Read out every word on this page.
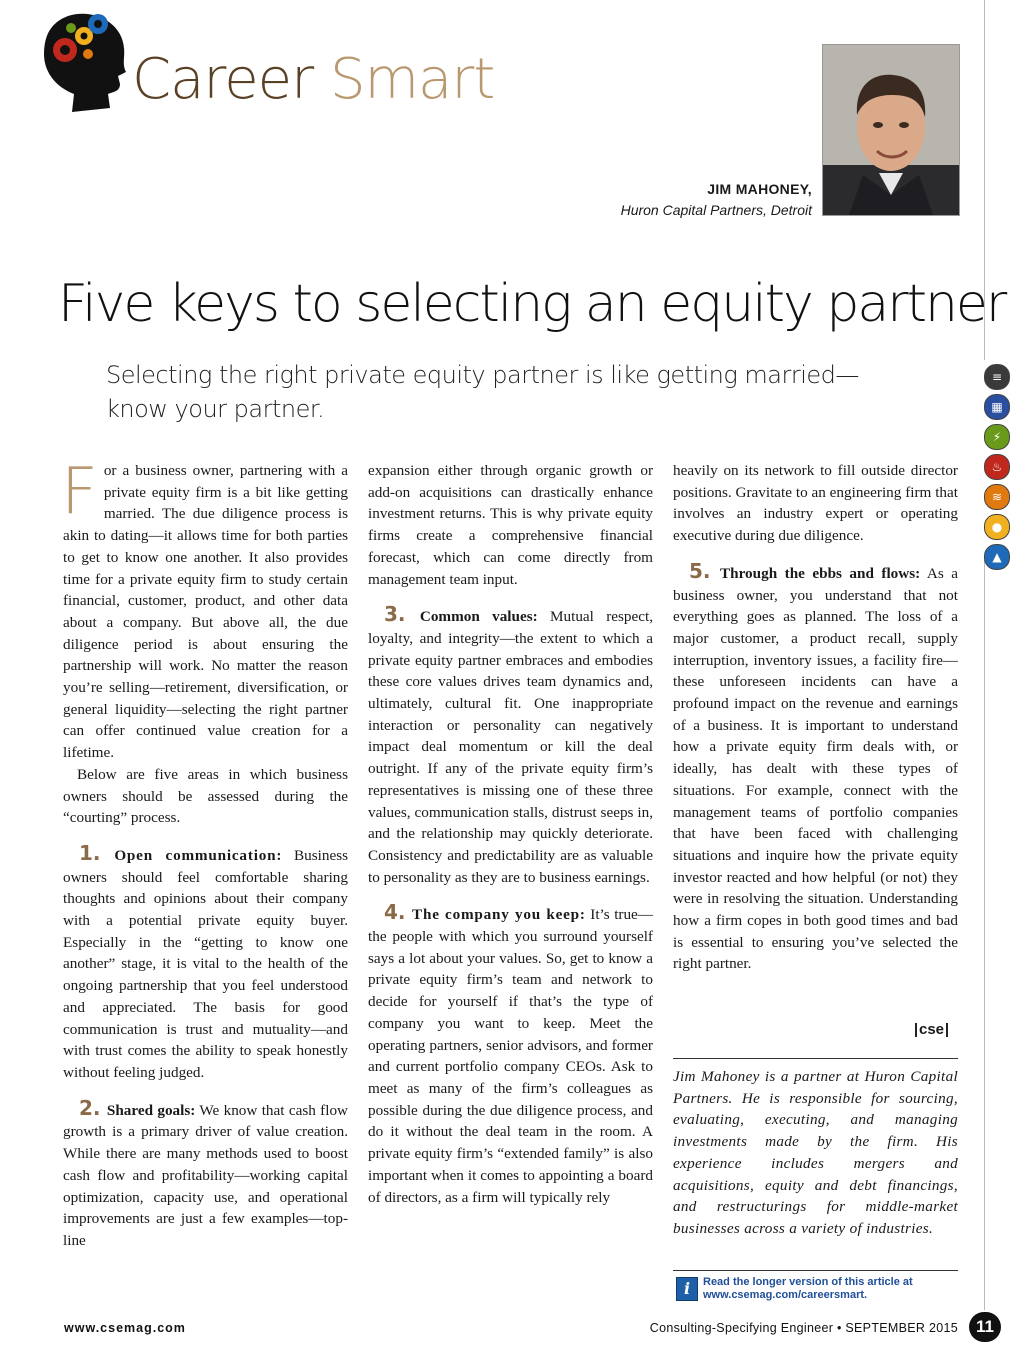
Career Smart
JIM MAHONEY,
Huron Capital Partners, Detroit
Five keys to selecting an equity partner
Selecting the right private equity partner is like getting married—know your partner.

For a business owner, partnering with a private equity firm is a bit like getting married. The due diligence process is akin to dating—it allows time for both parties to get to know one another. It also provides time for a private equity firm to study certain financial, customer, product, and other data about a company. But above all, the due diligence period is about ensuring the partnership will work. No matter the reason you’re selling—retirement, diversification, or general liquidity—selecting the right partner can offer continued value creation for a lifetime.

Below are five areas in which business owners should be assessed during the “courting” process.

1. Open communication: Business owners should feel comfortable sharing thoughts and opinions about their company with a potential private equity buyer. Especially in the “getting to know one another” stage, it is vital to the health of the ongoing partnership that you feel understood and appreciated. The basis for good communication is trust and mutuality—and with trust comes the ability to speak honestly without feeling judged.

2. Shared goals: We know that cash flow growth is a primary driver of value creation. While there are many methods used to boost cash flow and profitability—working capital optimization, capacity use, and operational improvements are just a few examples—top-line

expansion either through organic growth or add-on acquisitions can drastically enhance investment returns. This is why private equity firms create a comprehensive financial forecast, which can come directly from management team input.

3. Common values: Mutual respect, loyalty, and integrity—the extent to which a private equity partner embraces and embodies these core values drives team dynamics and, ultimately, cultural fit. One inappropriate interaction or personality can negatively impact deal momentum or kill the deal outright. If any of the private equity firm’s representatives is missing one of these three values, communication stalls, distrust seeps in, and the relationship may quickly deteriorate. Consistency and predictability are as valuable to personality as they are to business earnings.

4. The company you keep: It’s true—the people with which you surround yourself says a lot about your values. So, get to know a private equity firm’s team and network to decide for yourself if that’s the type of company you want to keep. Meet the operating partners, senior advisors, and former and current portfolio company CEOs. Ask to meet as many of the firm’s colleagues as possible during the due diligence process, and do it without the deal team in the room. A private equity firm’s “extended family” is also important when it comes to appointing a board of directors, as a firm will typically rely

heavily on its network to fill outside director positions. Gravitate to an engineering firm that involves an industry expert or operating executive during due diligence.

5. Through the ebbs and flows: As a business owner, you understand that not everything goes as planned. The loss of a major customer, a product recall, supply interruption, inventory issues, a facility fire—these unforeseen incidents can have a profound impact on the revenue and earnings of a business. It is important to understand how a private equity firm deals with, or ideally, has dealt with these types of situations. For example, connect with the management teams of portfolio companies that have been faced with challenging situations and inquire how the private equity investor reacted and how helpful (or not) they were in resolving the situation. Understanding how a firm copes in both good times and bad is essential to ensuring you’ve selected the right partner.

cse
Jim Mahoney is a partner at Huron Capital Partners. He is responsible for sourcing, evaluating, executing, and managing investments made by the firm. His experience includes mergers and acquisitions, equity and debt financings, and restructurings for middle-market businesses across a variety of industries.
i	Read the longer version of this article at
www.csemag.com/careersmart.
≡
▦
⚡
♨
≋
●
▲
www.csemag.com	Consulting-Specifying Engineer • SEPTEMBER 2015	11
